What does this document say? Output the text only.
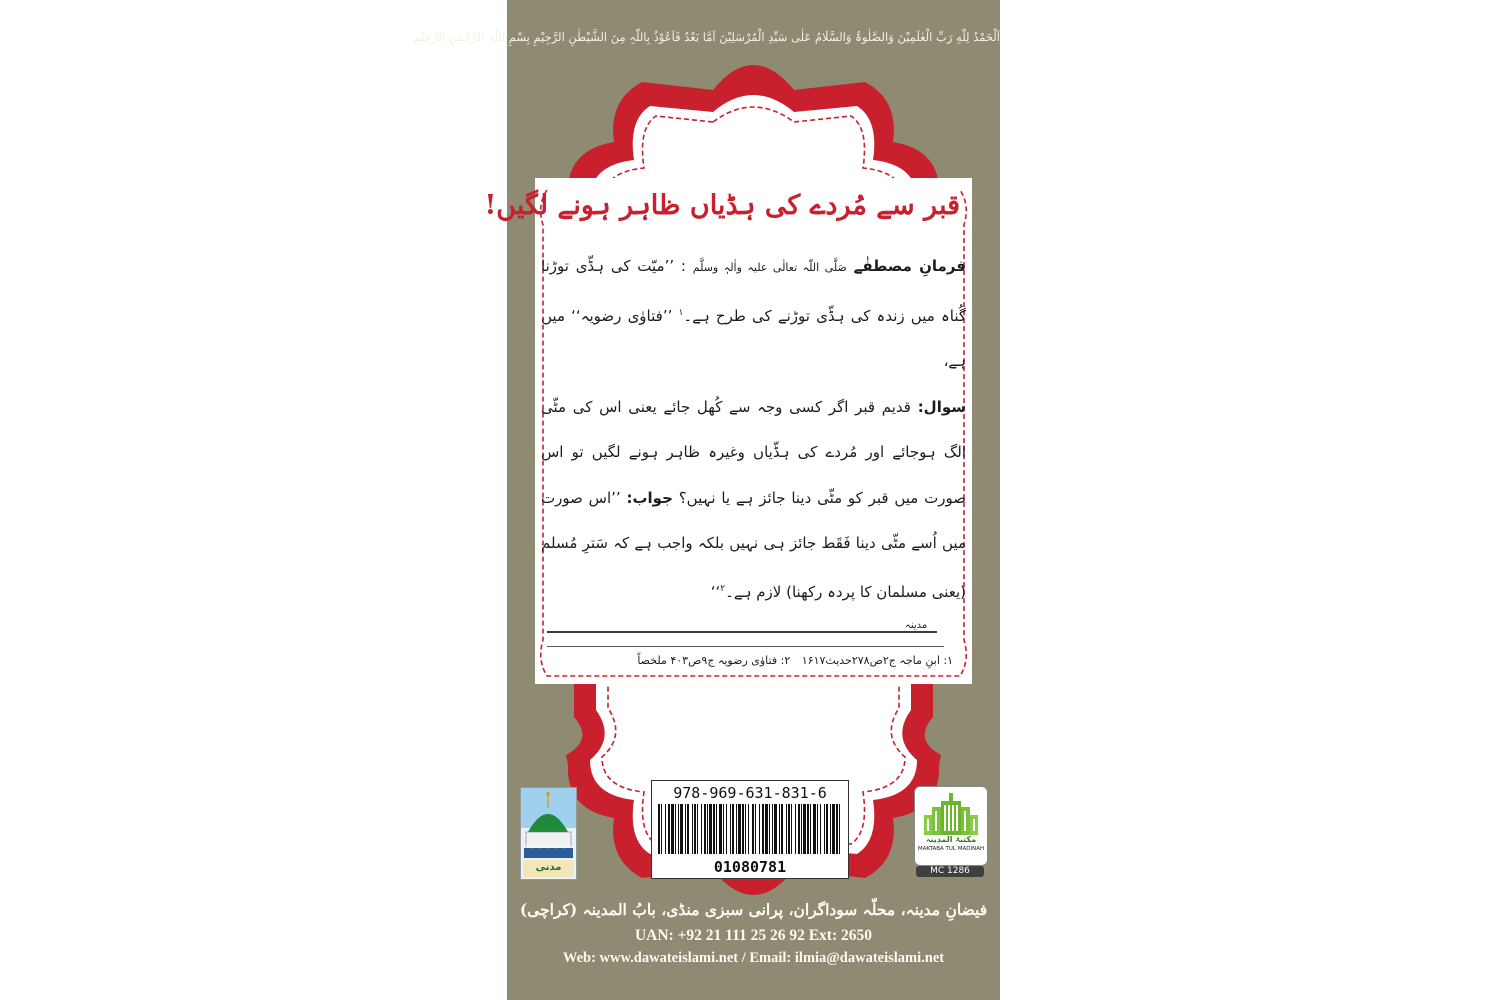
اَلْحَمْدُ لِلّٰهِ رَبِّ الْعٰلَمِیْنَ وَالصَّلٰوۃُ وَالسَّلَامُ عَلٰی سَیِّدِ الْمُرْسَلِیْنَ اَمَّا بَعْدُ فَاَعُوْذُ بِاللّٰہِ مِنَ الشَّیْطٰنِ الرَّجِیْمِ بِسْمِ اللّٰہِ الرَّحْمٰنِ الرَّحِیْمِ
قبر سے مُردے کی ہڈیاں ظاہر ہونے لگیں!

فرمانِ مصطفٰے صَلَّی اللّٰہ تعالٰی علیہ واٰلہٖ وسلَّم : ’’میّت کی ہڈّی توڑنا گُناہ میں زندہ کی ہڈّی توڑنے کی طرح ہے۔$^۱$ ’’فتاوٰی رضویہ‘‘ میں ہے،

سوال: قدیم قبر اگر کسی وجہ سے کُھل جائے یعنی اس کی مٹّی الگ ہوجائے اور مُردے کی ہڈّیاں وغیرہ ظاہر ہونے لگیں تو اس صورت میں قبر کو مٹّی دینا جائز ہے یا نہیں؟ جواب: ’’اس صورت میں اُسے مٹّی دینا فَقَط جائز ہی نہیں بلکہ واجب ہے کہ سَترِ مُسلم (یعنی مسلمان کا پردہ رکھنا) لازم ہے۔$^۲$‘‘

مدینہ
۱: ابنِ ماجہ ج۲ص۲۷۸حدیث۱۶۱۷ ۲: فتاوٰی رضویہ ج۹ص۴۰۳ ملخصاً
مدنی
978-969-631-831-6
01080781
مکتبۃ المدینہ
MAKTABA TUL MADINAH
MC 1286
فیضانِ مدینہ، محلّہ سوداگران، پرانی سبزی منڈی، بابُ المدینہ (کراچی)
UAN: +92 21 111 25 26 92 Ext: 2650
Web: www.dawateislami.net / Email: ilmia@dawateislami.net
